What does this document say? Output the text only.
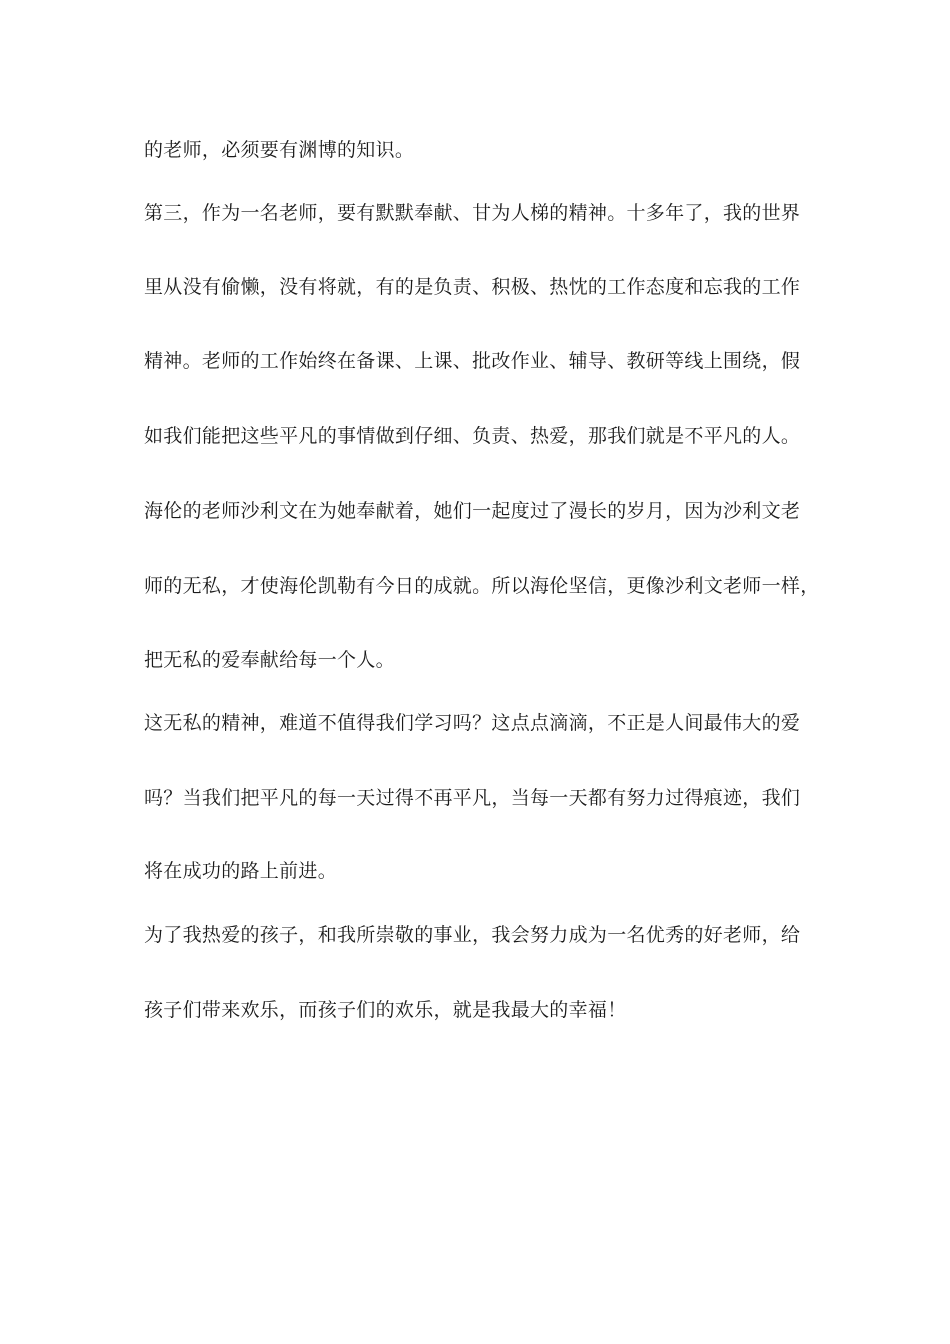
的老师，必须要有渊博的知识。
第三，作为一名老师，要有默默奉献、甘为人梯的精神。十多年了，我的世界
里从没有偷懒，没有将就，有的是负责、积极、热忱的工作态度和忘我的工作
精神。老师的工作始终在备课、上课、批改作业、辅导、教研等线上围绕，假
如我们能把这些平凡的事情做到仔细、负责、热爱，那我们就是不平凡的人。
海伦的老师沙利文在为她奉献着，她们一起度过了漫长的岁月，因为沙利文老
师的无私，才使海伦凯勒有今日的成就。所以海伦坚信，更像沙利文老师一样，
把无私的爱奉献给每一个人。
这无私的精神，难道不值得我们学习吗？这点点滴滴，不正是人间最伟大的爱
吗？当我们把平凡的每一天过得不再平凡，当每一天都有努力过得痕迹，我们
将在成功的路上前进。
为了我热爱的孩子，和我所崇敬的事业，我会努力成为一名优秀的好老师，给
孩子们带来欢乐，而孩子们的欢乐，就是我最大的幸福！
